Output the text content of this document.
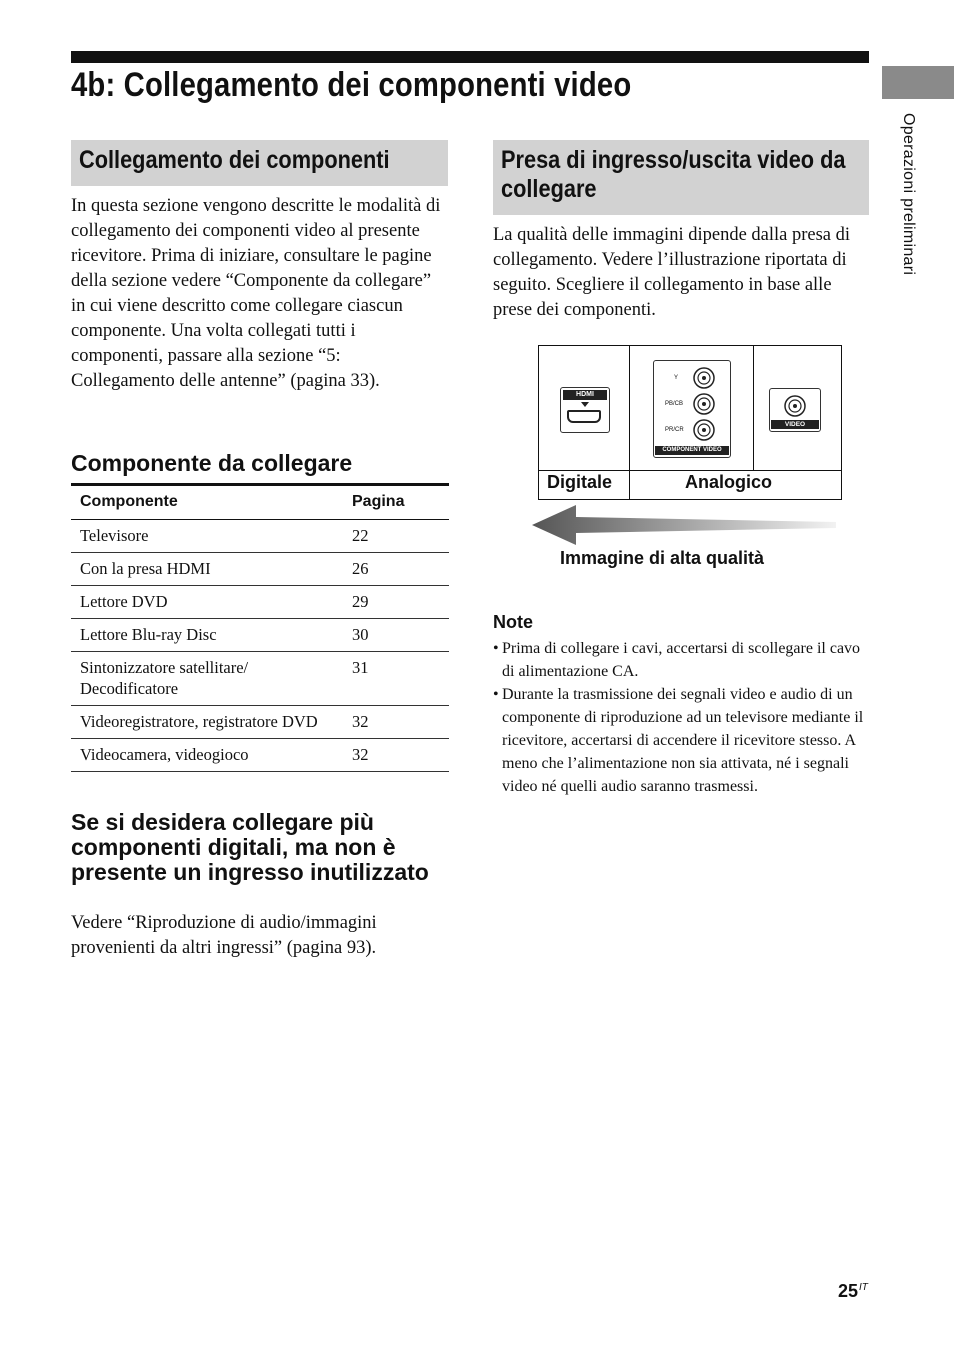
4b: Collegamento dei componenti video
Operazioni preliminari
Collegamento dei componenti
In questa sezione vengono descritte le modalità di collegamento dei componenti video al presente ricevitore. Prima di iniziare, consultare le pagine della sezione vedere “Componente da collegare” in cui viene descritto come collegare ciascun componente. Una volta collegati tutti i componenti, passare alla sezione “5: Collegamento delle antenne” (pagina 33).
Componente da collegare
Componente	Pagina
Televisore	22
Con la presa HDMI	26
Lettore DVD	29
Lettore Blu-ray Disc	30
Sintonizzatore satellitare/ Decodificatore	31
Videoregistratore, registratore DVD	32
Videocamera, videogioco	32
Se si desidera collegare più componenti digitali, ma non è presente un ingresso inutilizzato
Vedere “Riproduzione di audio/immagini provenienti da altri ingressi” (pagina 93).
Presa di ingresso/uscita video da collegare
La qualità delle immagini dipende dalla presa di collegamento. Vedere l’illustrazione riportata di seguito. Scegliere il collegamento in base alle prese dei componenti.
HDMI
Y
PB/CB
PR/CR
COMPONENT VIDEO
VIDEO
Digitale	Analogico
Immagine di alta qualità
Note
• Prima di collegare i cavi, accertarsi di scollegare il cavo di alimentazione CA.
• Durante la trasmissione dei segnali video e audio di un componente di riproduzione ad un televisore mediante il ricevitore, accertarsi di accendere il ricevitore stesso. A meno che l’alimentazione non sia attivata, né i segnali video né quelli audio saranno trasmessi.
$25^{IT}$
